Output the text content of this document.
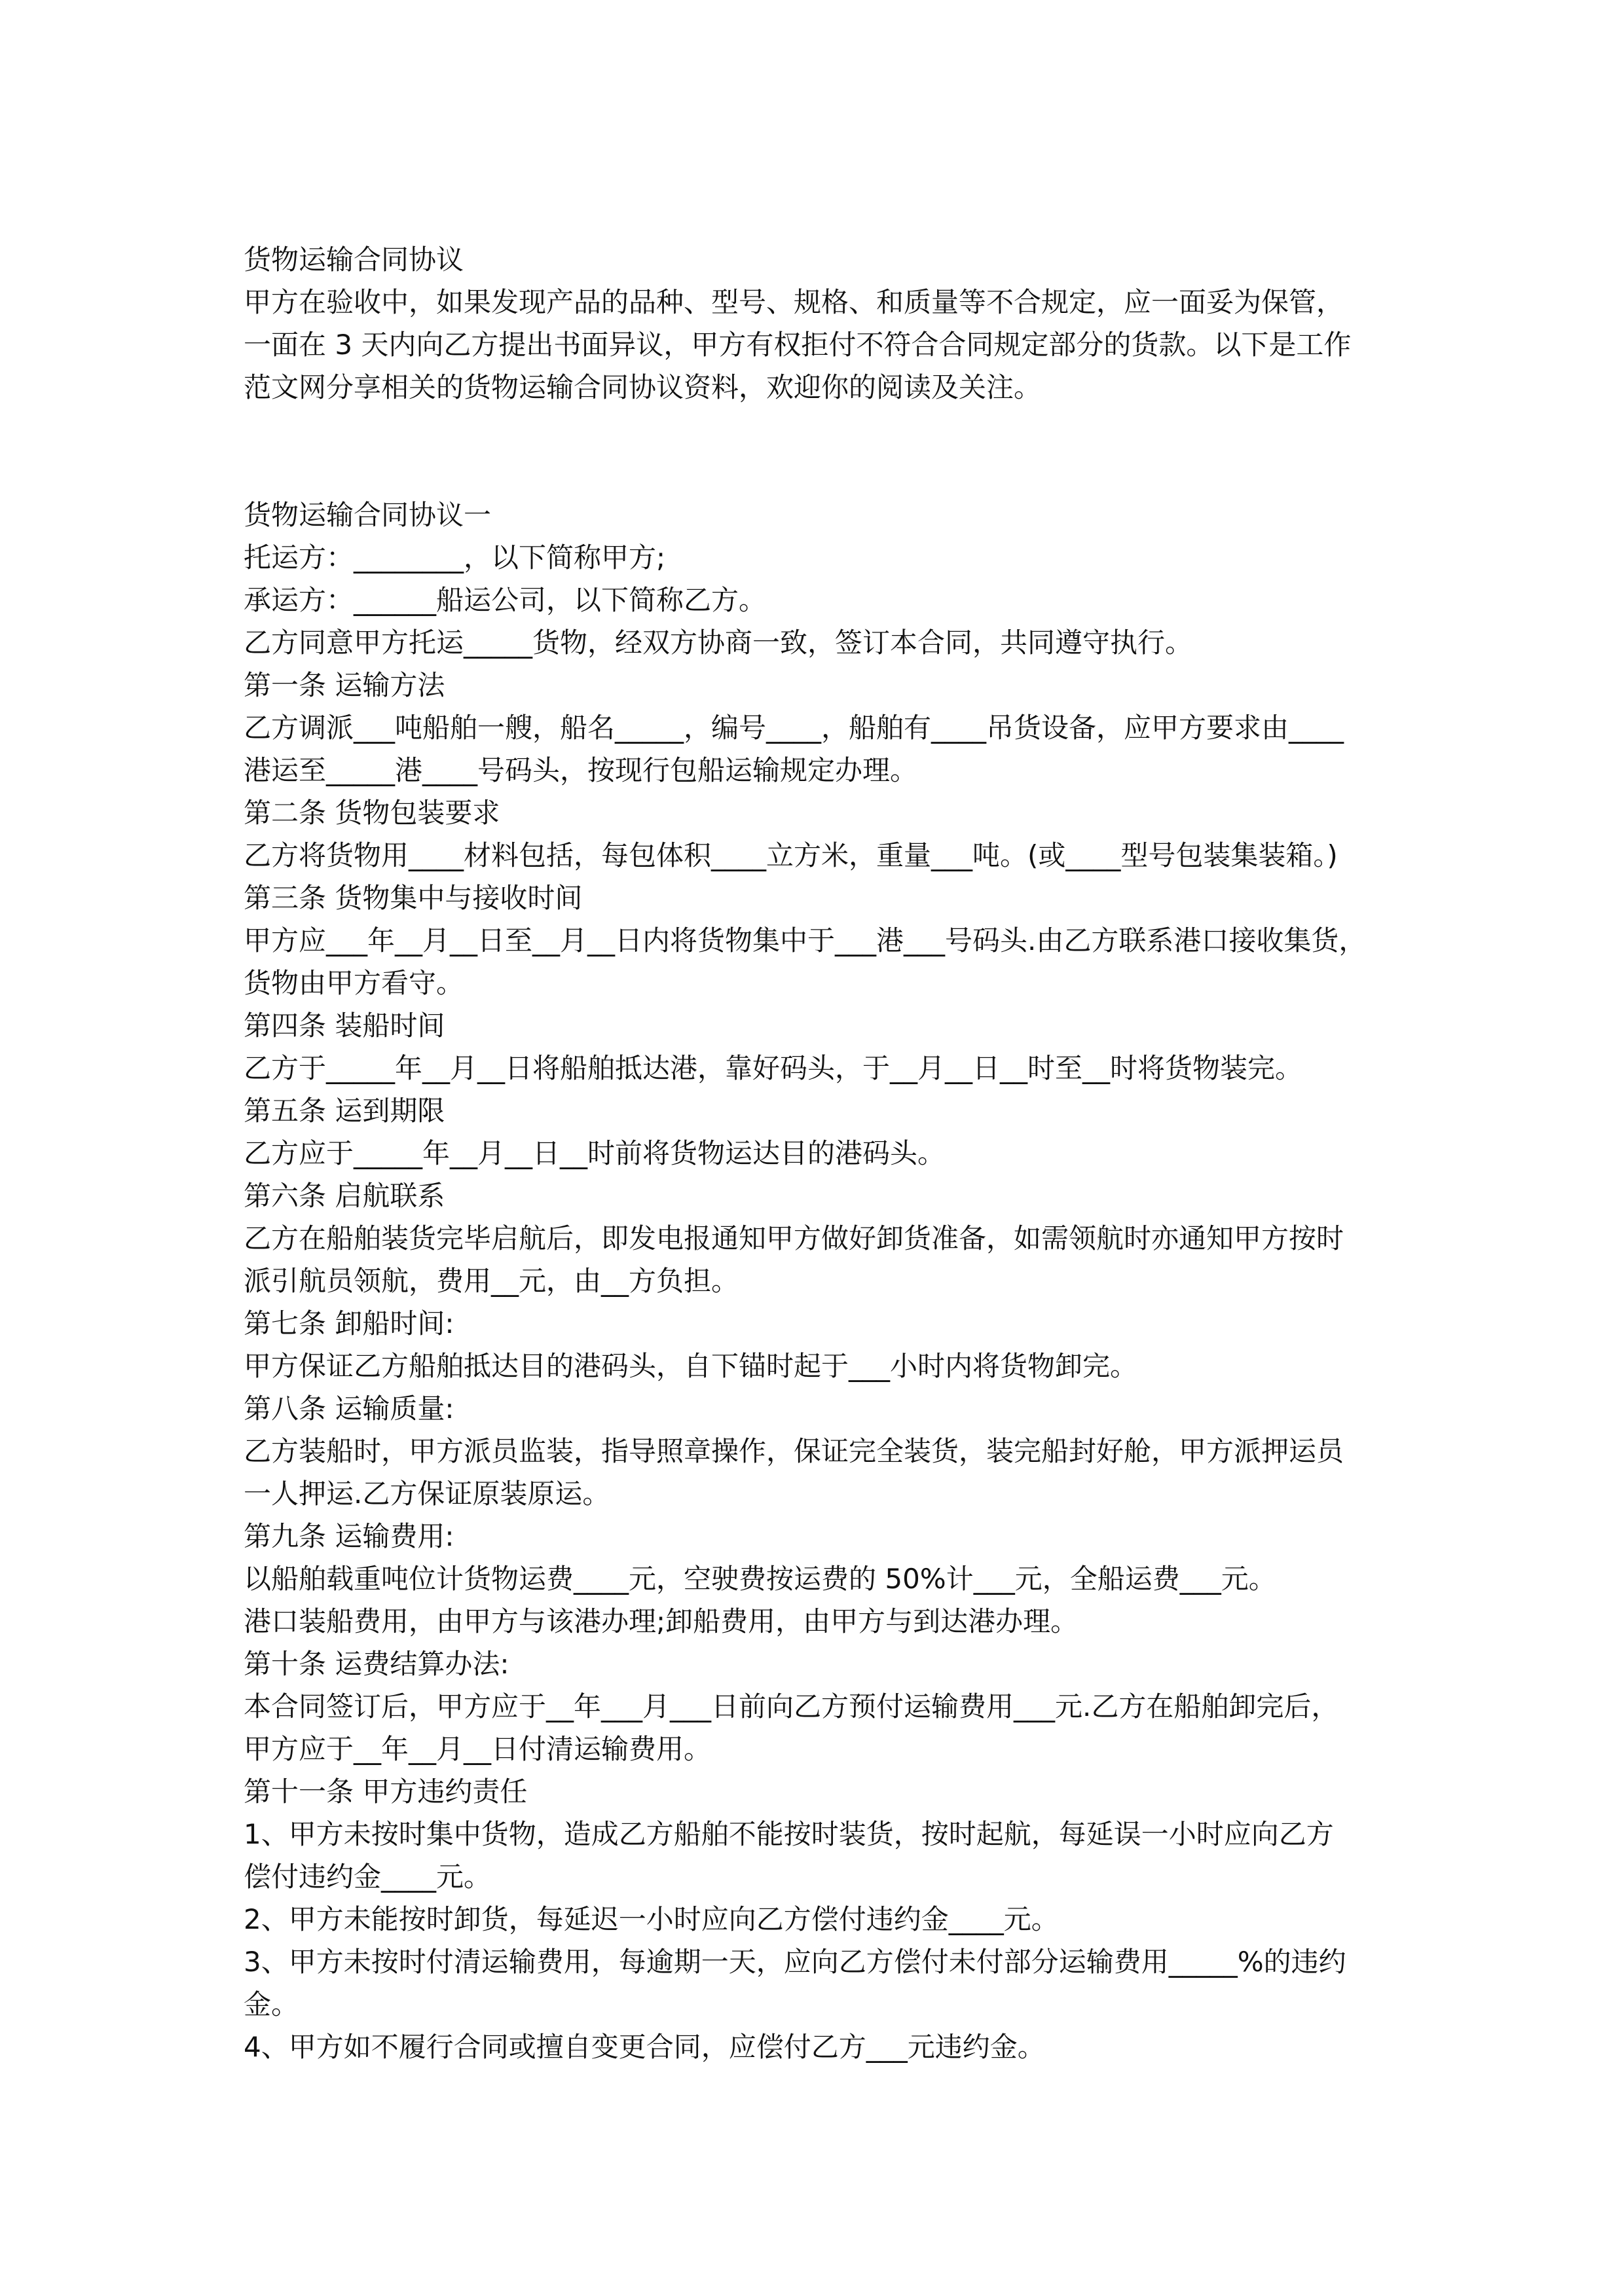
货物运输合同协议
甲方在验收中，如果发现产品的品种、型号、规格、和质量等不合规定，应一面妥为保管，
一面在 3 天内向乙方提出书面异议，甲方有权拒付不符合合同规定部分的货款。以下是工作
范文网分享相关的货物运输合同协议资料，欢迎你的阅读及关注。
货物运输合同协议一
托运方：________，以下简称甲方;
承运方：______船运公司，以下简称乙方。
乙方同意甲方托运_____货物，经双方协商一致，签订本合同，共同遵守执行。
第一条 运输方法
乙方调派___吨船舶一艘，船名_____，编号____，船舶有____吊货设备，应甲方要求由____
港运至_____港____号码头，按现行包船运输规定办理。
第二条 货物包装要求
乙方将货物用____材料包括，每包体积____立方米，重量___吨。(或____型号包装集装箱。)
第三条 货物集中与接收时间
甲方应___年__月__日至__月__日内将货物集中于___港___号码头.由乙方联系港口接收集货，
货物由甲方看守。
第四条 装船时间
乙方于_____年__月__日将船舶抵达港，靠好码头，于__月__日__时至__时将货物装完。
第五条 运到期限
乙方应于_____年__月__日__时前将货物运达目的港码头。
第六条 启航联系
乙方在船舶装货完毕启航后，即发电报通知甲方做好卸货准备，如需领航时亦通知甲方按时
派引航员领航，费用__元，由__方负担。
第七条 卸船时间:
甲方保证乙方船舶抵达目的港码头，自下锚时起于___小时内将货物卸完。
第八条 运输质量:
乙方装船时，甲方派员监装，指导照章操作，保证完全装货，装完船封好舱，甲方派押运员
一人押运.乙方保证原装原运。
第九条 运输费用:
以船舶载重吨位计货物运费____元，空驶费按运费的 50%计___元，全船运费___元。
港口装船费用，由甲方与该港办理;卸船费用，由甲方与到达港办理。
第十条 运费结算办法:
本合同签订后，甲方应于__年___月___日前向乙方预付运输费用___元.乙方在船舶卸完后，
甲方应于__年__月__日付清运输费用。
第十一条 甲方违约责任
1、甲方未按时集中货物，造成乙方船舶不能按时装货，按时起航，每延误一小时应向乙方
偿付违约金____元。
2、甲方未能按时卸货，每延迟一小时应向乙方偿付违约金____元。
3、甲方未按时付清运输费用，每逾期一天，应向乙方偿付未付部分运输费用_____%的违约
金。
4、甲方如不履行合同或擅自变更合同，应偿付乙方___元违约金。
